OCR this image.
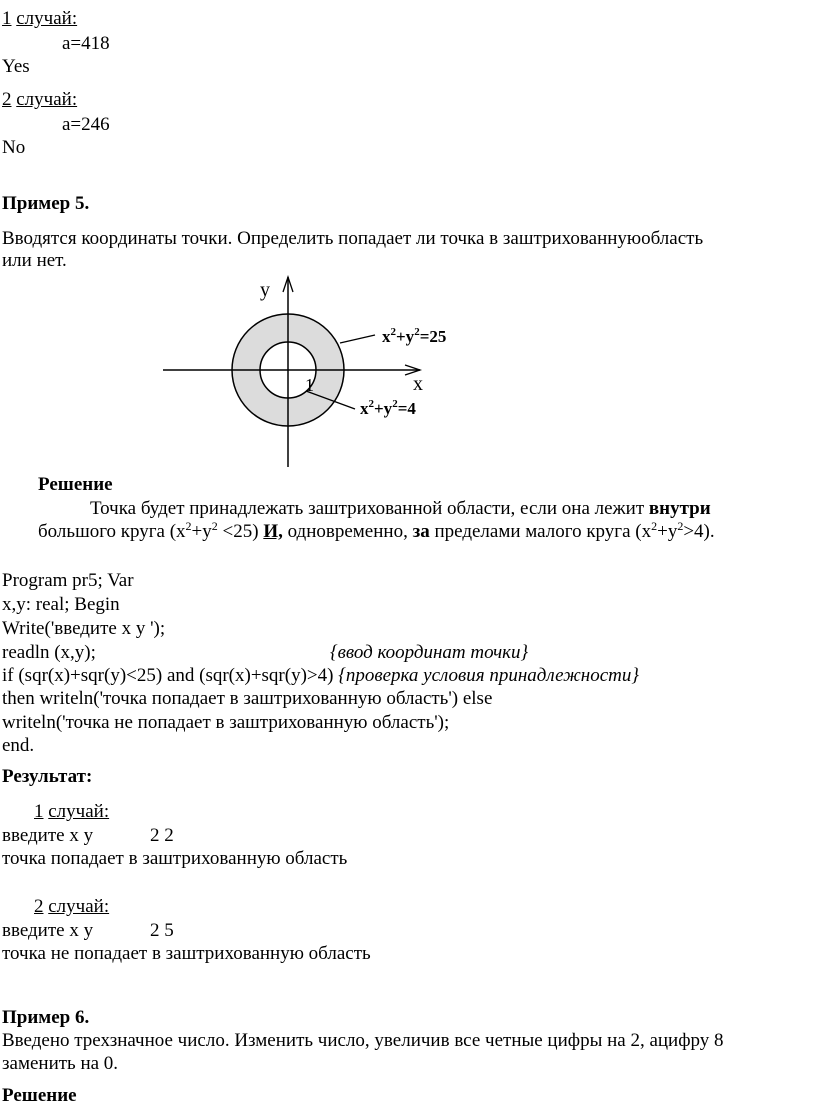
1 случай:
a=418
Yes
2 случай:
a=246
No
Пример 5.
Вводятся координаты точки. Определить попадает ли точка в заштрихованнуюобласть
или нет.
y
x
1
$x^2+y^2=25$
$x^2+y^2=4$
Решение
Точка будет принадлежать заштрихованной области, если она лежит внутри
большого круга $(x^2+y^2 <25)$ И, одновременно, за пределами малого круга $(x^2+y^2>4)$.
Program pr5; Var
x,y: real; Begin
Write('введите x y ');
readln (x,y);	{ввод координат точки}
if (sqr(x)+sqr(y)<25) and (sqr(x)+sqr(y)>4) {проверка условия принадлежности}
then writeln('точка попадает в заштрихованную область') else
writeln('точка не попадает в заштрихованную область');
end.
Результат:
1 случай:
введите x y	2 2
точка попадает в заштрихованную область
2 случай:
введите x y	2 5
точка не попадает в заштрихованную область
Пример 6.
Введено трехзначное число. Изменить число, увеличив все четные цифры на 2, ацифру 8
заменить на 0.
Решение
